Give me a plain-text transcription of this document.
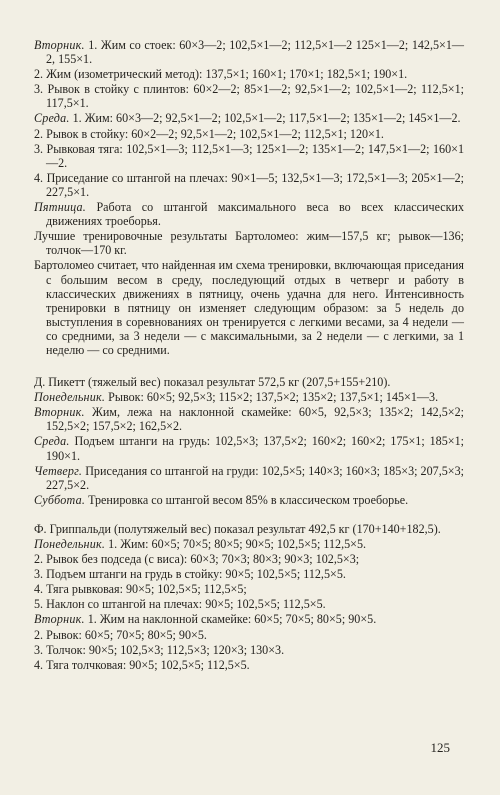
Вторник. 1. Жим со стоек: 60×3—2; 102,5×1—2; 112,5×1—2 125×1—2; 142,5×1—2, 155×1.

2. Жим (изометрический метод): 137,5×1; 160×1; 170×1; 182,5×1; 190×1.

3. Рывок в стойку с плинтов: 60×2—2; 85×1—2; 92,5×1—2; 102,5×1—2; 112,5×1; 117,5×1.

Среда. 1. Жим: 60×3—2; 92,5×1—2; 102,5×1—2; 117,5×1—2; 135×1—2; 145×1—2.

2. Рывок в стойку: 60×2—2; 92,5×1—2; 102,5×1—2; 112,5×1; 120×1.

3. Рывковая тяга: 102,5×1—3; 112,5×1—3; 125×1—2; 135×1—2; 147,5×1—2; 160×1—2.

4. Приседание со штангой на плечах: 90×1—5; 132,5×1—3; 172,5×1—3; 205×1—2; 227,5×1.

Пятница. Работа со штангой максимального веса во всех классических движениях троеборья.

Лучшие тренировочные результаты Бартоломео: жим—157,5 кг; рывок—136; толчок—170 кг.

Бартоломео считает, что найденная им схема тренировки, включающая приседания с большим весом в среду, последующий отдых в четверг и работу в классических движениях в пятницу, очень удачна для него. Интенсивность тренировки в пятницу он изменяет следующим образом: за 5 недель до выступления в соревнованиях он тренируется с легкими весами, за 4 недели — со средними, за 3 недели — с максимальными, за 2 недели — с легкими, за 1 неделю — со средними.

Д. Пикетт (тяжелый вес) показал результат 572,5 кг (207,5+155+210).

Понедельник. Рывок: 60×5; 92,5×3; 115×2; 137,5×2; 135×2; 137,5×1; 145×1—3.

Вторник. Жим, лежа на наклонной скамейке: 60×5, 92,5×3; 135×2; 142,5×2; 152,5×2; 157,5×2; 162,5×2.

Среда. Подъем штанги на грудь: 102,5×3; 137,5×2; 160×2; 160×2; 175×1; 185×1; 190×1.

Четверг. Приседания со штангой на груди: 102,5×5; 140×3; 160×3; 185×3; 207,5×3; 227,5×2.

Суббота. Тренировка со штангой весом 85% в классическом троеборье.

Ф. Гриппальди (полутяжелый вес) показал результат 492,5 кг (170+140+182,5).

Понедельник. 1. Жим: 60×5; 70×5; 80×5; 90×5; 102,5×5; 112,5×5.

2. Рывок без подседа (с виса): 60×3; 70×3; 80×3; 90×3; 102,5×3;

3. Подъем штанги на грудь в стойку: 90×5; 102,5×5; 112,5×5.

4. Тяга рывковая: 90×5; 102,5×5; 112,5×5;

5. Наклон со штангой на плечах: 90×5; 102,5×5; 112,5×5.

Вторник. 1. Жим на наклонной скамейке: 60×5; 70×5; 80×5; 90×5.

2. Рывок: 60×5; 70×5; 80×5; 90×5.

3. Толчок: 90×5; 102,5×3; 112,5×3; 120×3; 130×3.

4. Тяга толчковая: 90×5; 102,5×5; 112,5×5.

125
